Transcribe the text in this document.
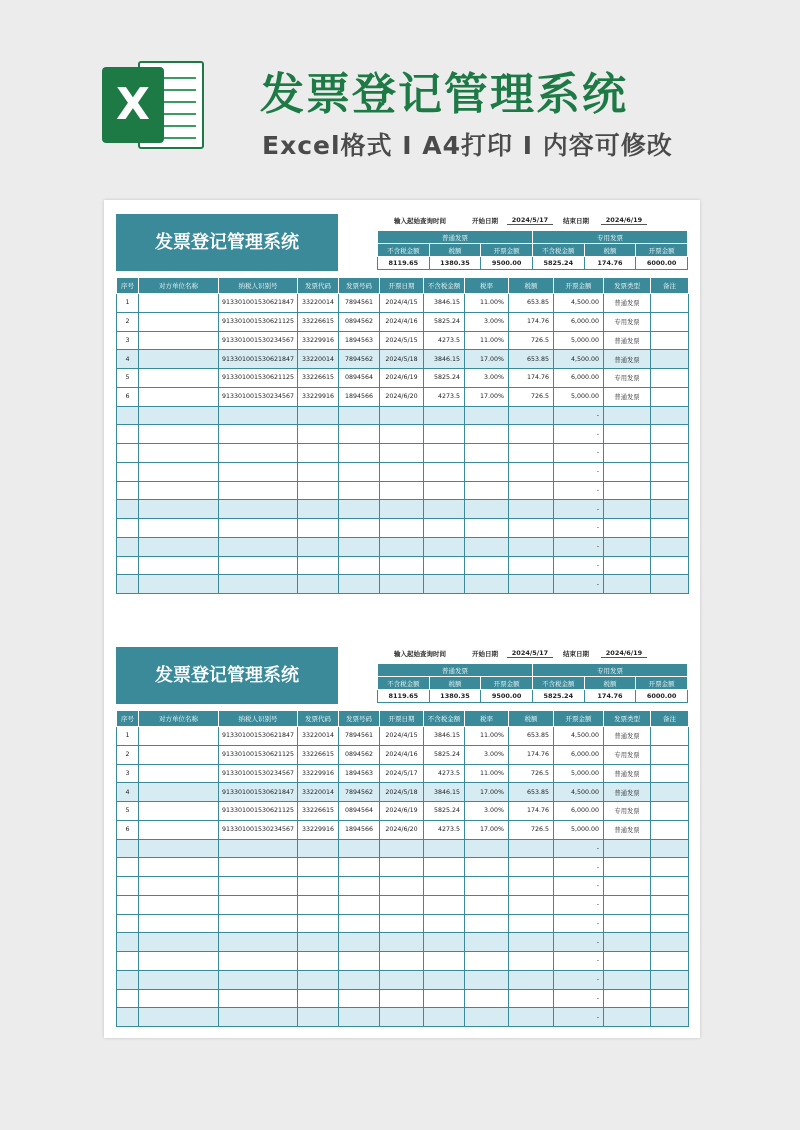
X	发票登记管理系统
Excel格式 I A4打印 I 内容可修改
发票登记管理系统
输入起始查询时间	开始日期	2024/5/17	结束日期	2024/6/19
普通发票			专用发票		
不含税金额	税额	开票金额	不含税金额	税额	开票金额
8119.65	1380.35	9500.00	5825.24	174.76	6000.00
序号	对方单位名称	纳税人识别号	发票代码	发票号码	开票日期	不含税金额	税率	税额	开票金额	发票类型	备注
1		913301001530621847	33220014	7894561	2024/4/15	3846.15	11.00%	653.85	4,500.00	普通发票	
2		913301001530621125	33226615	0894562	2024/4/16	5825.24	3.00%	174.76	6,000.00	专用发票	
3		913301001530234567	33229916	1894563	2024/5/15	4273.5	11.00%	726.5	5,000.00	普通发票	
4		913301001530621847	33220014	7894562	2024/5/18	3846.15	17.00%	653.85	4,500.00	普通发票	
5		913301001530621125	33226615	0894564	2024/6/19	5825.24	3.00%	174.76	6,000.00	专用发票	
6		913301001530234567	33229916	1894566	2024/6/20	4273.5	17.00%	726.5	5,000.00	普通发票	
									-		
									-		
									-		
									-		
									-		
									-		
									-		
									-		
									-		
									-		
发票登记管理系统
输入起始查询时间	开始日期	2024/5/17	结束日期	2024/6/19
普通发票			专用发票		
不含税金额	税额	开票金额	不含税金额	税额	开票金额
8119.65	1380.35	9500.00	5825.24	174.76	6000.00
序号	对方单位名称	纳税人识别号	发票代码	发票号码	开票日期	不含税金额	税率	税额	开票金额	发票类型	备注
1		913301001530621847	33220014	7894561	2024/4/15	3846.15	11.00%	653.85	4,500.00	普通发票	
2		913301001530621125	33226615	0894562	2024/4/16	5825.24	3.00%	174.76	6,000.00	专用发票	
3		913301001530234567	33229916	1894563	2024/5/17	4273.5	11.00%	726.5	5,000.00	普通发票	
4		913301001530621847	33220014	7894562	2024/5/18	3846.15	17.00%	653.85	4,500.00	普通发票	
5		913301001530621125	33226615	0894564	2024/6/19	5825.24	3.00%	174.76	6,000.00	专用发票	
6		913301001530234567	33229916	1894566	2024/6/20	4273.5	17.00%	726.5	5,000.00	普通发票	
									-		
									-		
									-		
									-		
									-		
									-		
									-		
									-		
									-		
									-		
